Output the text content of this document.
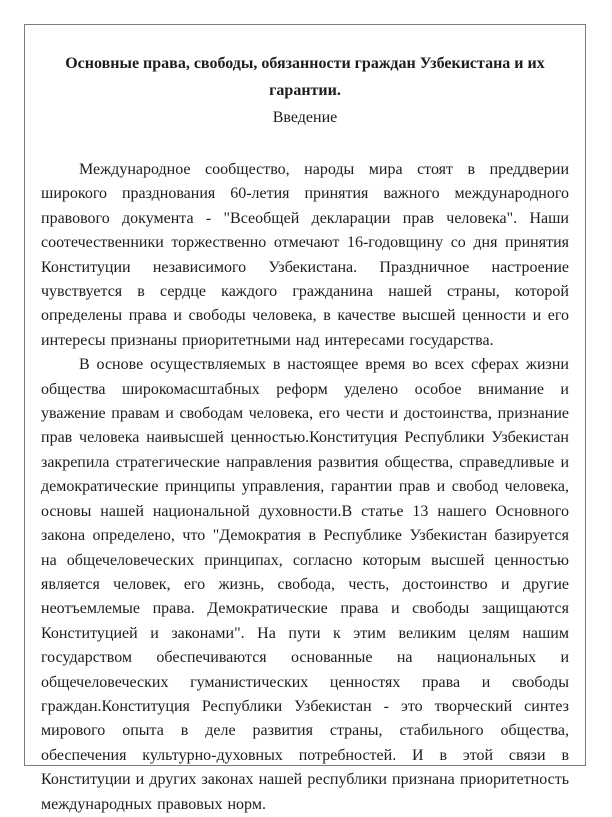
Основные права, свободы, обязанности граждан Узбекистана и их
гарантии.
Введение

Международное сообщество, народы мира стоят в преддверии широкого празднования 60-летия принятия важного международного правового документа - "Всеобщей декларации прав человека". Наши соотечественники торжественно отмечают 16-годовщину со дня принятия Конституции независимого Узбекистана. Праздничное настроение чувствуется в сердце каждого гражданина нашей страны, которой определены права и свободы человека, в качестве высшей ценности и его интересы признаны приоритетными над интересами государства.

В основе осуществляемых в настоящее время во всех сферах жизни общества широкомасштабных реформ уделено особое внимание и уважение правам и свободам человека, его чести и достоинства, признание прав человека наивысшей ценностью.Конституция Республики Узбекистан закрепила стратегические направления развития общества, справедливые и демократические принципы управления, гарантии прав и свобод человека, основы нашей национальной духовности.В статье 13 нашего Основного закона определено, что "Демократия в Республике Узбекистан базируется на общечеловеческих принципах, согласно которым высшей ценностью является человек, его жизнь, свобода, честь, достоинство и другие неотъемлемые права. Демократические права и свободы защищаются Конституцией и законами". На пути к этим великим целям нашим государством обеспечиваются основанные на национальных и общечеловеческих гуманистических ценностях права и свободы граждан.Конституция Республики Узбекистан - это творческий синтез мирового опыта в деле развития страны, стабильного общества, обеспечения культурно-духовных потребностей. И в этой связи в Конституции и других законах нашей республики признана приоритетность международных правовых норм.
